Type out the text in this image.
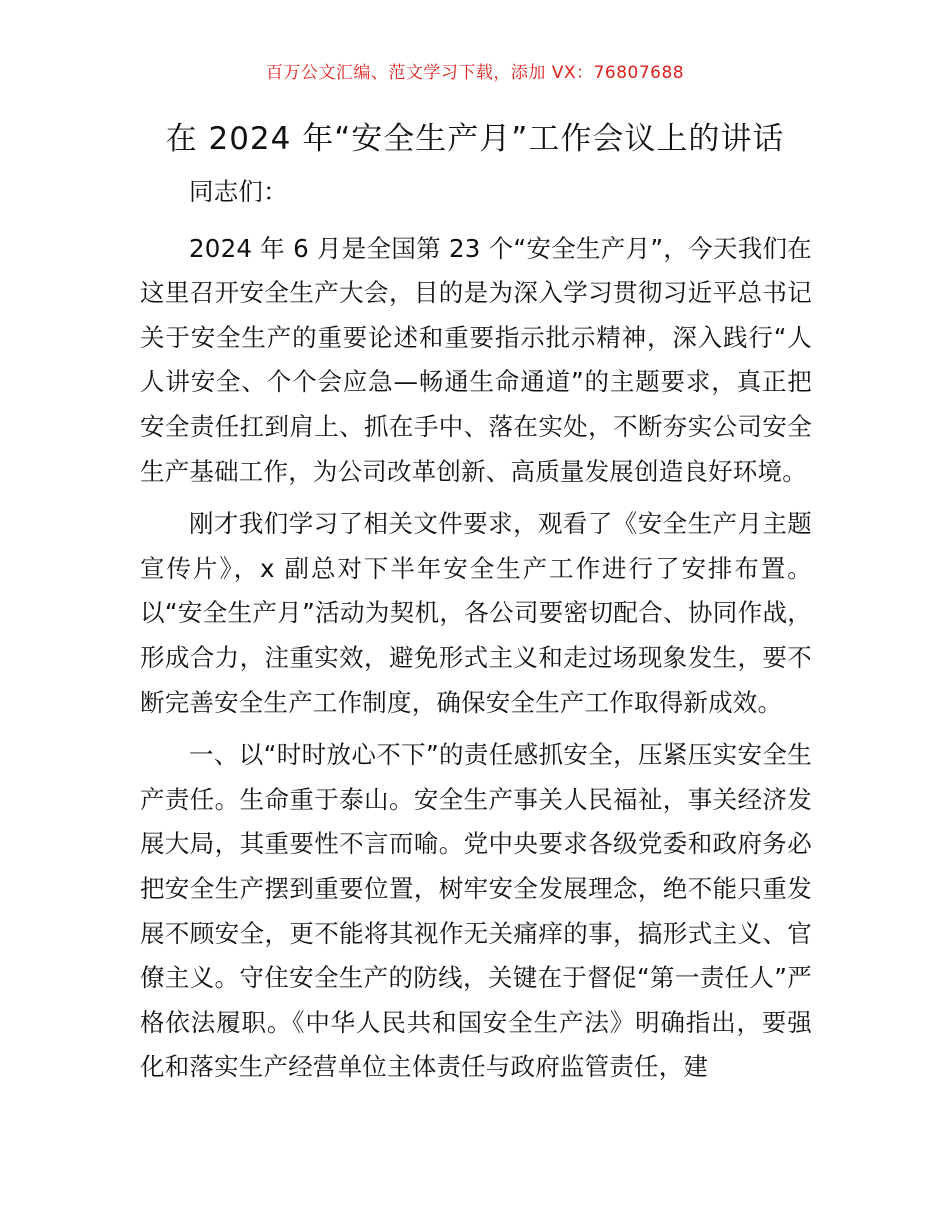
百万公文汇编、范文学习下载，添加 VX：76807688
在 2024 年“安全生产月”工作会议上的讲话

同志们：

2024 年 6 月是全国第 23 个“安全生产月”，今天我们在这里召开安全生产大会，目的是为深入学习贯彻习近平总书记关于安全生产的重要论述和重要指示批示精神，深入践行“人人讲安全、个个会应急—畅通生命通道”的主题要求，真正把安全责任扛到肩上、抓在手中、落在实处，不断夯实公司安全生产基础工作，为公司改革创新、高质量发展创造良好环境。

刚才我们学习了相关文件要求，观看了《安全生产月主题宣传片》，x 副总对下半年安全生产工作进行了安排布置。以“安全生产月”活动为契机，各公司要密切配合、协同作战，形成合力，注重实效，避免形式主义和走过场现象发生，要不断完善安全生产工作制度，确保安全生产工作取得新成效。

一、以“时时放心不下”的责任感抓安全，压紧压实安全生产责任。生命重于泰山。安全生产事关人民福祉，事关经济发展大局，其重要性不言而喻。党中央要求各级党委和政府务必把安全生产摆到重要位置，树牢安全发展理念，绝不能只重发展不顾安全，更不能将其视作无关痛痒的事，搞形式主义、官僚主义。守住安全生产的防线，关键在于督促“第一责任人”严格依法履职。《中华人民共和国安全生产法》明确指出，要强化和落实生产经营单位主体责任与政府监管责任，建
